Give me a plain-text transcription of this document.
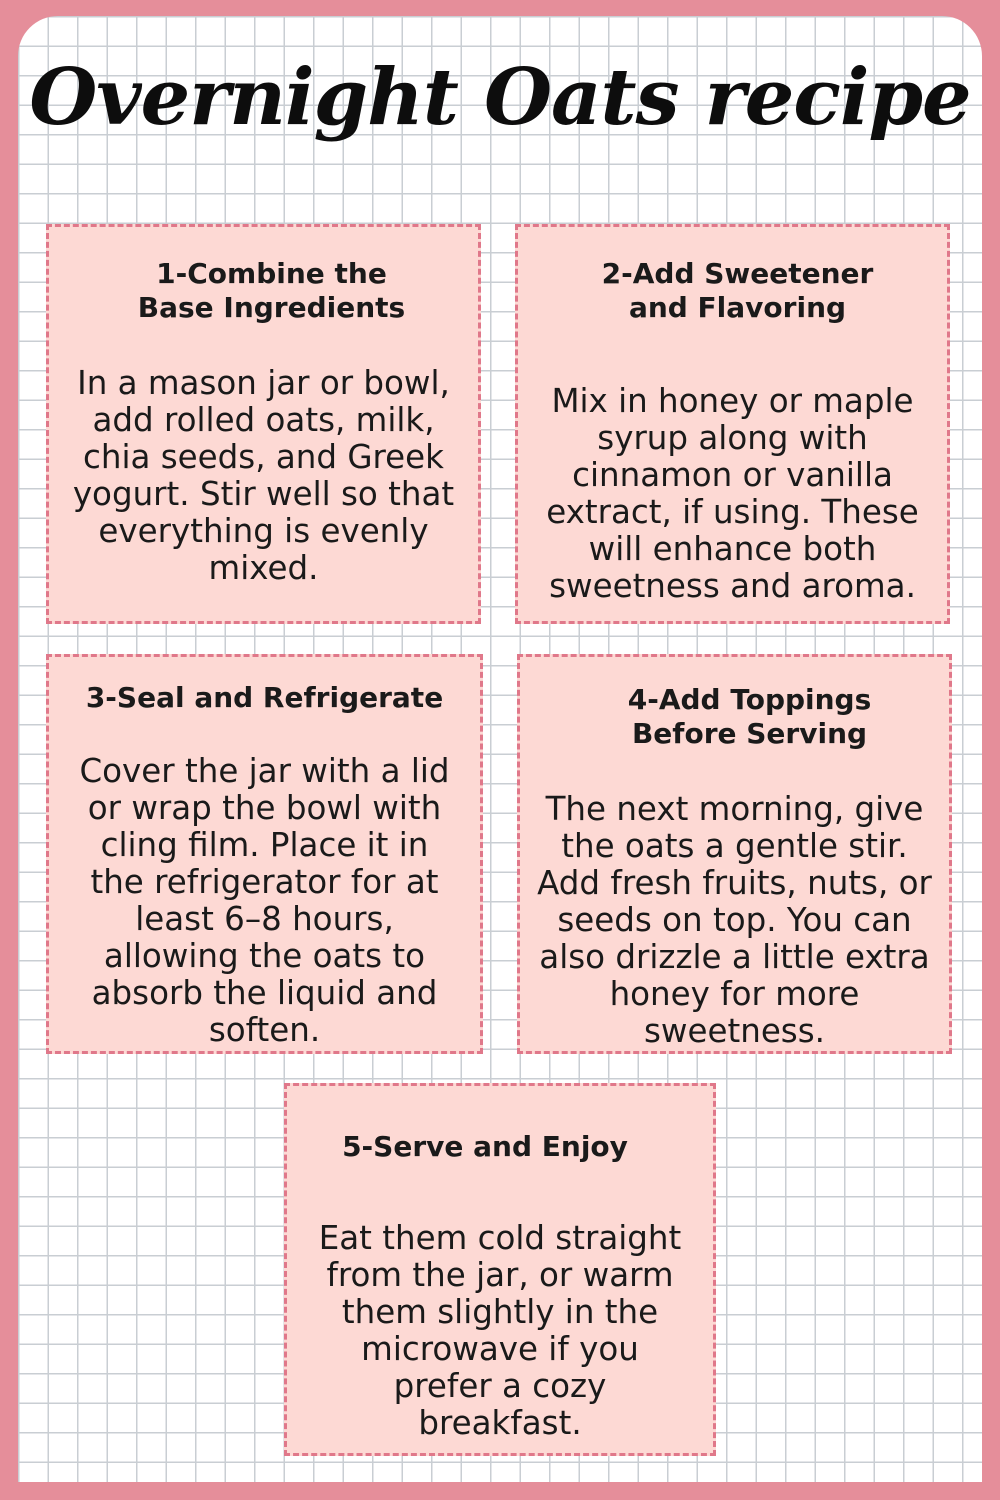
Overnight Oats recipe
1-Combine the
Base Ingredients
In a mason jar or bowl,
add rolled oats, milk,
chia seeds, and Greek
yogurt. Stir well so that
everything is evenly
mixed.
2-Add Sweetener
and Flavoring
Mix in honey or maple
syrup along with
cinnamon or vanilla
extract, if using. These
will enhance both
sweetness and aroma.
3-Seal and Refrigerate
Cover the jar with a lid
or wrap the bowl with
cling film. Place it in
the refrigerator for at
least 6–8 hours,
allowing the oats to
absorb the liquid and
soften.
4-Add Toppings
Before Serving
The next morning, give
the oats a gentle stir.
Add fresh fruits, nuts, or
seeds on top. You can
also drizzle a little extra
honey for more
sweetness.
5-Serve and Enjoy
Eat them cold straight
from the jar, or warm
them slightly in the
microwave if you
prefer a cozy
breakfast.
